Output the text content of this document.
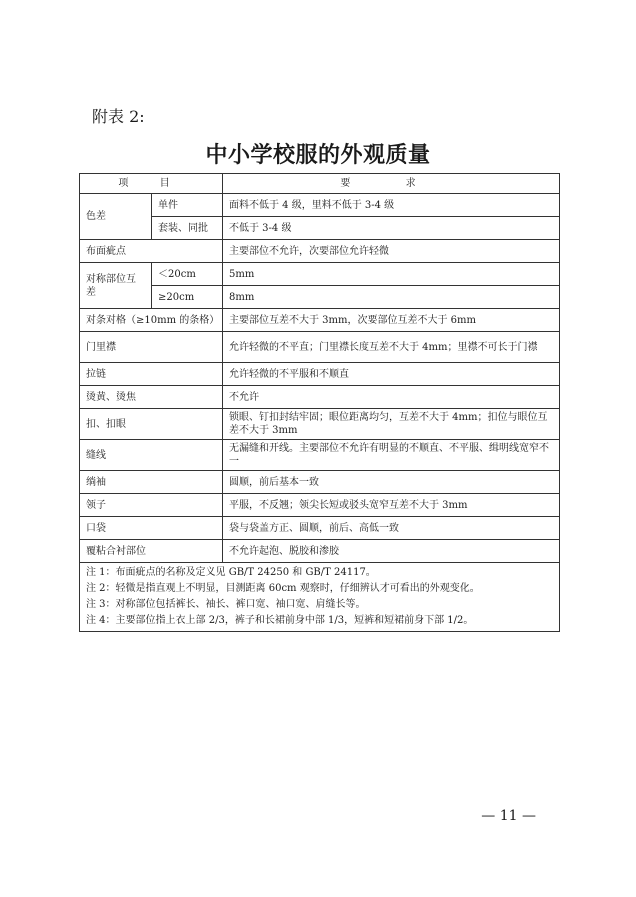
附表 2:
中小学校服的外观质量
项 目		要 求
色差	单件	面料不低于 4 级，里料不低于 3-4 级
	套装、同批	不低于 3-4 级
布面疵点		主要部位不允许，次要部位允许轻微
对称部位互差	＜20cm	5mm
	≥20cm	8mm
对条对格（≥10mm 的条格）		主要部位互差不大于 3mm，次要部位互差不大于 6mm
门里襟		允许轻微的不平直；门里襟长度互差不大于 4mm；里襟不可长于门襟
拉链		允许轻微的不平服和不顺直
烫黄、烫焦		不允许
扣、扣眼		锁眼、钉扣封结牢固；眼位距离均匀，互差不大于 4mm；扣位与眼位互差不大于 3mm
缝线		无漏缝和开线。主要部位不允许有明显的不顺直、不平服、缉明线宽窄不一
绱袖		圆顺，前后基本一致
领子		平服，不反翘；领尖长短或驳头宽窄互差不大于 3mm
口袋		袋与袋盖方正、圆顺，前后、高低一致
覆粘合衬部位		不允许起泡、脱胶和渗胶

注 1：布面疵点的名称及定义见 GB/T 24250 和 GB/T 24117。
注 2：轻微是指直观上不明显，目测距离 60cm 观察时，仔细辨认才可看出的外观变化。
注 3：对称部位包括裤长、袖长、裤口宽、袖口宽、肩缝长等。
注 4：主要部位指上衣上部 2/3，裤子和长裙前身中部 1/3，短裤和短裙前身下部 1/2。		
— 11 —
